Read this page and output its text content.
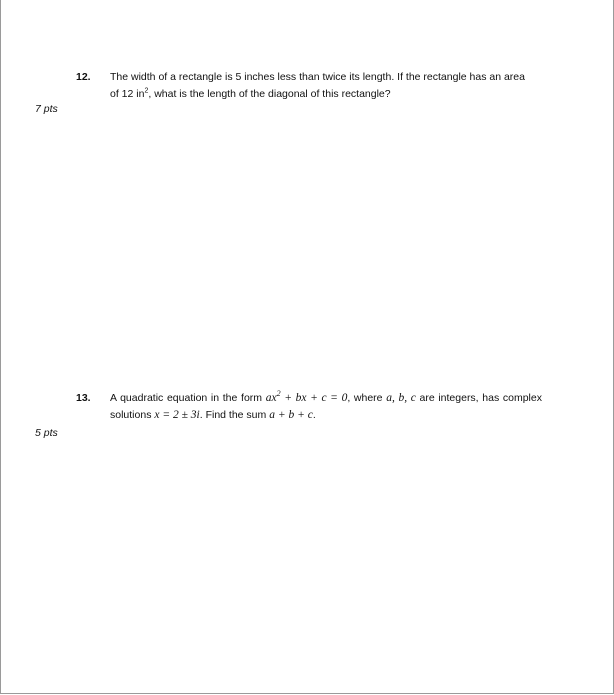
12. The width of a rectangle is 5 inches less than twice its length. If the rectangle has an area
of 12 $in^2$, what is the length of the diagonal of this rectangle?
7 pts
13. A quadratic equation in the form $ax^2$ + bx + c = 0, where a, b, c are integers, has complex solutions x = 2 ± 3i. Find the sum a + b + c.
5 pts
